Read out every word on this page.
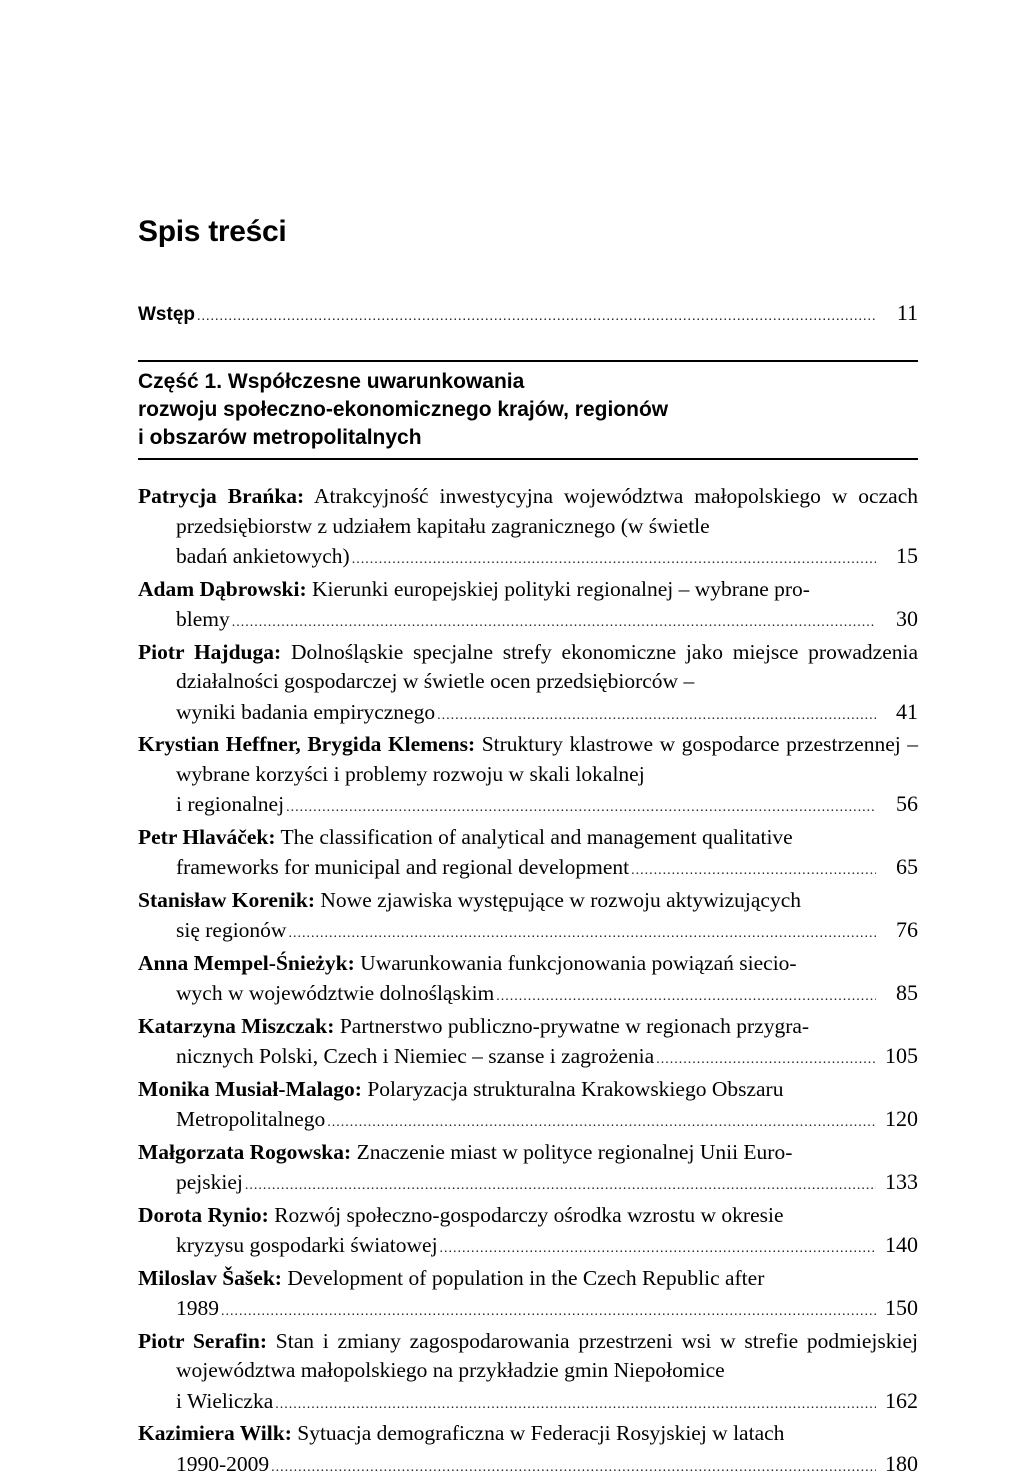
Spis treści
Wstęp .....	11
Część 1. Współczesne uwarunkowania
rozwoju społeczno-ekonomicznego krajów, regionów
i obszarów metropolitalnych
Patrycja Brańka: Atrakcyjność inwestycyjna województwa małopolskiego w oczach przedsiębiorstw z udziałem kapitału zagranicznego (w świetle
badań ankietowych) .....	15
Adam Dąbrowski: Kierunki europejskiej polityki regionalnej – wybrane pro-
blemy .....	30
Piotr Hajduga: Dolnośląskie specjalne strefy ekonomiczne jako miejsce prowadzenia działalności gospodarczej w świetle ocen przedsiębiorców –
wyniki badania empirycznego .....	41
Krystian Heffner, Brygida Klemens: Struktury klastrowe w gospodarce przestrzennej – wybrane korzyści i problemy rozwoju w skali lokalnej
i regionalnej .....	56
Petr Hlaváček: The classification of analytical and management qualitative
frameworks for municipal and regional development .....	65
Stanisław Korenik: Nowe zjawiska występujące w rozwoju aktywizujących
się regionów .....	76
Anna Mempel-Śnieżyk: Uwarunkowania funkcjonowania powiązań siecio-
wych w województwie dolnośląskim .....	85
Katarzyna Miszczak: Partnerstwo publiczno-prywatne w regionach przygra-
nicznych Polski, Czech i Niemiec – szanse i zagrożenia .....	105
Monika Musiał-Malago: Polaryzacja strukturalna Krakowskiego Obszaru
Metropolitalnego .....	120
Małgorzata Rogowska: Znaczenie miast w polityce regionalnej Unii Euro-
pejskiej .....	133
Dorota Rynio: Rozwój społeczno-gospodarczy ośrodka wzrostu w okresie
kryzysu gospodarki światowej .....	140
Miloslav Šašek: Development of population in the Czech Republic after
1989 .....	150
Piotr Serafin: Stan i zmiany zagospodarowania przestrzeni wsi w strefie podmiejskiej województwa małopolskiego na przykładzie gmin Niepołomice
i Wieliczka .....	162
Kazimiera Wilk: Sytuacja demograficzna w Federacji Rosyjskiej w latach
1990-2009 .....	180
